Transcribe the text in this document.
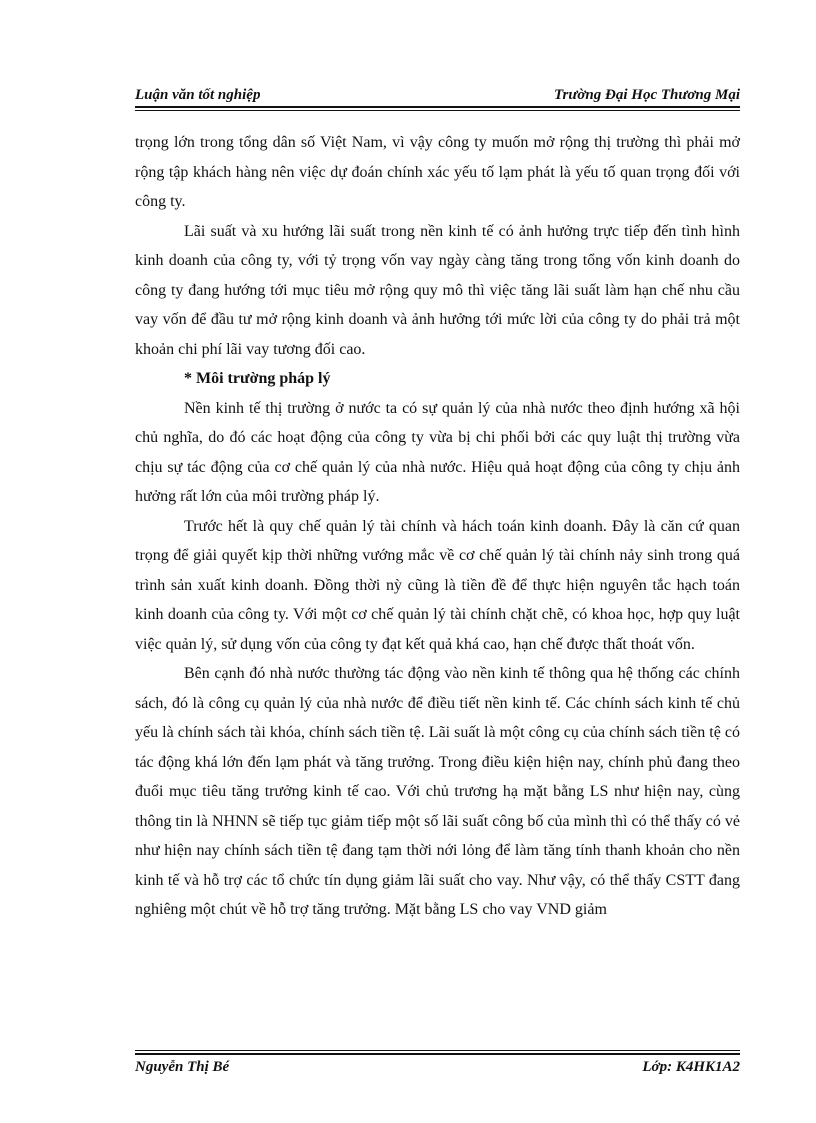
Luận văn tốt nghiệp	Trường Đại Học Thương Mại

trọng lớn trong tổng dân số Việt Nam, vì vậy công ty muốn mở rộng thị trường thì phải mở rộng tập khách hàng nên việc dự đoán chính xác yếu tố lạm phát là yếu tố quan trọng đối với công ty.

Lãi suất và xu hướng lãi suất trong nền kinh tế có ảnh hưởng trực tiếp đến tình hình kinh doanh của công ty, với tỷ trọng vốn vay ngày càng tăng trong tổng vốn kinh doanh do công ty đang hướng tới mục tiêu mở rộng quy mô thì việc tăng lãi suất làm hạn chế nhu cầu vay vốn để đầu tư mở rộng kinh doanh và ảnh hưởng tới mức lời của công ty do phải trả một khoản chi phí lãi vay tương đối cao.

* Môi trường pháp lý

Nền kinh tế thị trường ở nước ta có sự quản lý của nhà nước theo định hướng xã hội chủ nghĩa, do đó các hoạt động của công ty vừa bị chi phối bởi các quy luật thị trường vừa chịu sự tác động của cơ chế quản lý của nhà nước. Hiệu quả hoạt động của công ty chịu ảnh hưởng rất lớn của môi trường pháp lý.

Trước hết là quy chế quản lý tài chính và hách toán kinh doanh. Đây là căn cứ quan trọng để giải quyết kịp thời những vướng mắc về cơ chế quản lý tài chính nảy sinh trong quá trình sản xuất kinh doanh. Đồng thời nỳ cũng là tiền đề để thực hiện nguyên tắc hạch toán kinh doanh của công ty. Với một cơ chế quản lý tài chính chặt chẽ, có khoa học, hợp quy luật việc quản lý, sử dụng vốn của công ty đạt kết quả khá cao, hạn chế được thất thoát vốn.

Bên cạnh đó nhà nước thường tác động vào nền kinh tế thông qua hệ thống các chính sách, đó là công cụ quản lý của nhà nước để điều tiết nền kinh tế. Các chính sách kinh tế chủ yếu là chính sách tài khóa, chính sách tiền tệ. Lãi suất là một công cụ của chính sách tiền tệ có tác động khá lớn đến lạm phát và tăng trưởng. Trong điều kiện hiện nay, chính phủ đang theo đuổi mục tiêu tăng trưởng kinh tế cao. Với chủ trương hạ mặt bằng LS như hiện nay, cùng thông tin là NHNN sẽ tiếp tục giảm tiếp một số lãi suất công bố của mình thì có thể thấy có vẻ như hiện nay chính sách tiền tệ đang tạm thời nới lỏng để làm tăng tính thanh khoản cho nền kinh tế và hỗ trợ các tổ chức tín dụng giảm lãi suất cho vay. Như vậy, có thể thấy CSTT đang nghiêng một chút về hỗ trợ tăng trưởng. Mặt bằng LS cho vay VND giảm

Nguyễn Thị Bé	Lớp: K4HK1A2
